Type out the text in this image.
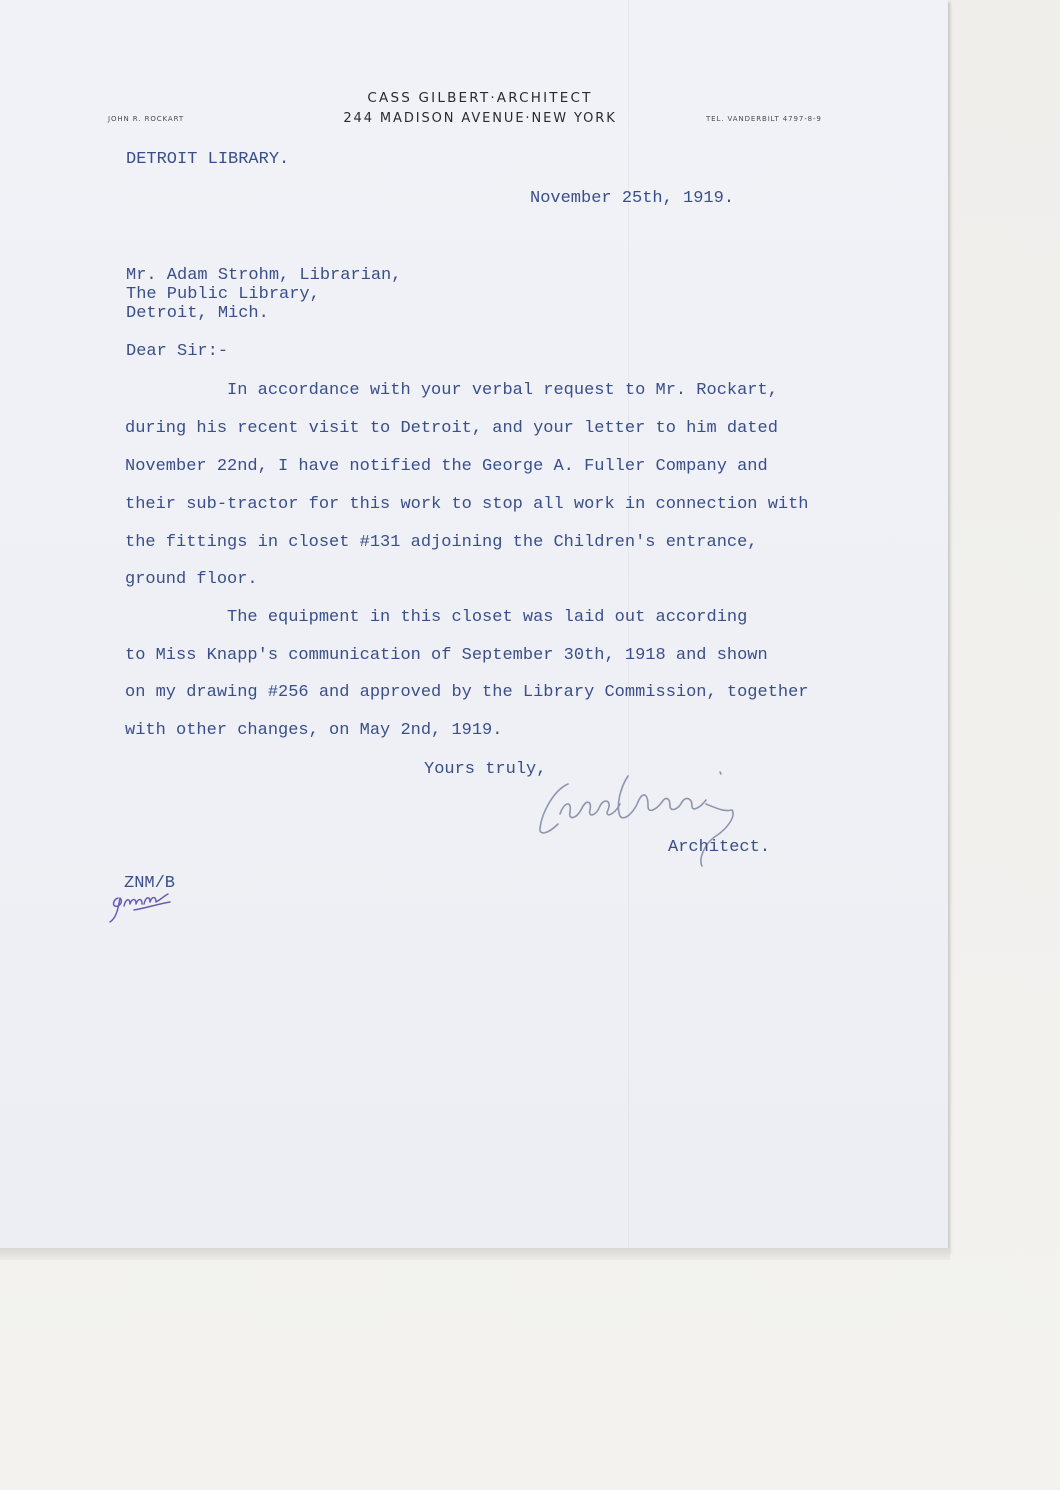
CASS GILBERT·ARCHITECT
244 MADISON AVENUE·NEW YORK
JOHN R. ROCKART	TEL. VANDERBILT 4797-8-9
DETROIT LIBRARY.
November 25th, 1919.
Mr. Adam Strohm, Librarian,
The Public Library,
Detroit, Mich.
Dear Sir:-
In accordance with your verbal request to Mr. Rockart,
during his recent visit to Detroit, and your letter to him dated
November 22nd, I have notified the George A. Fuller Company and
their sub-tractor for this work to stop all work in connection with
the fittings in closet #131 adjoining the Children's entrance,
ground floor.
The equipment in this closet was laid out according
to Miss Knapp's communication of September 30th, 1918 and shown
on my drawing #256 and approved by the Library Commission, together
with other changes, on May 2nd, 1919.
Yours truly,
Architect.
ZNM/B
